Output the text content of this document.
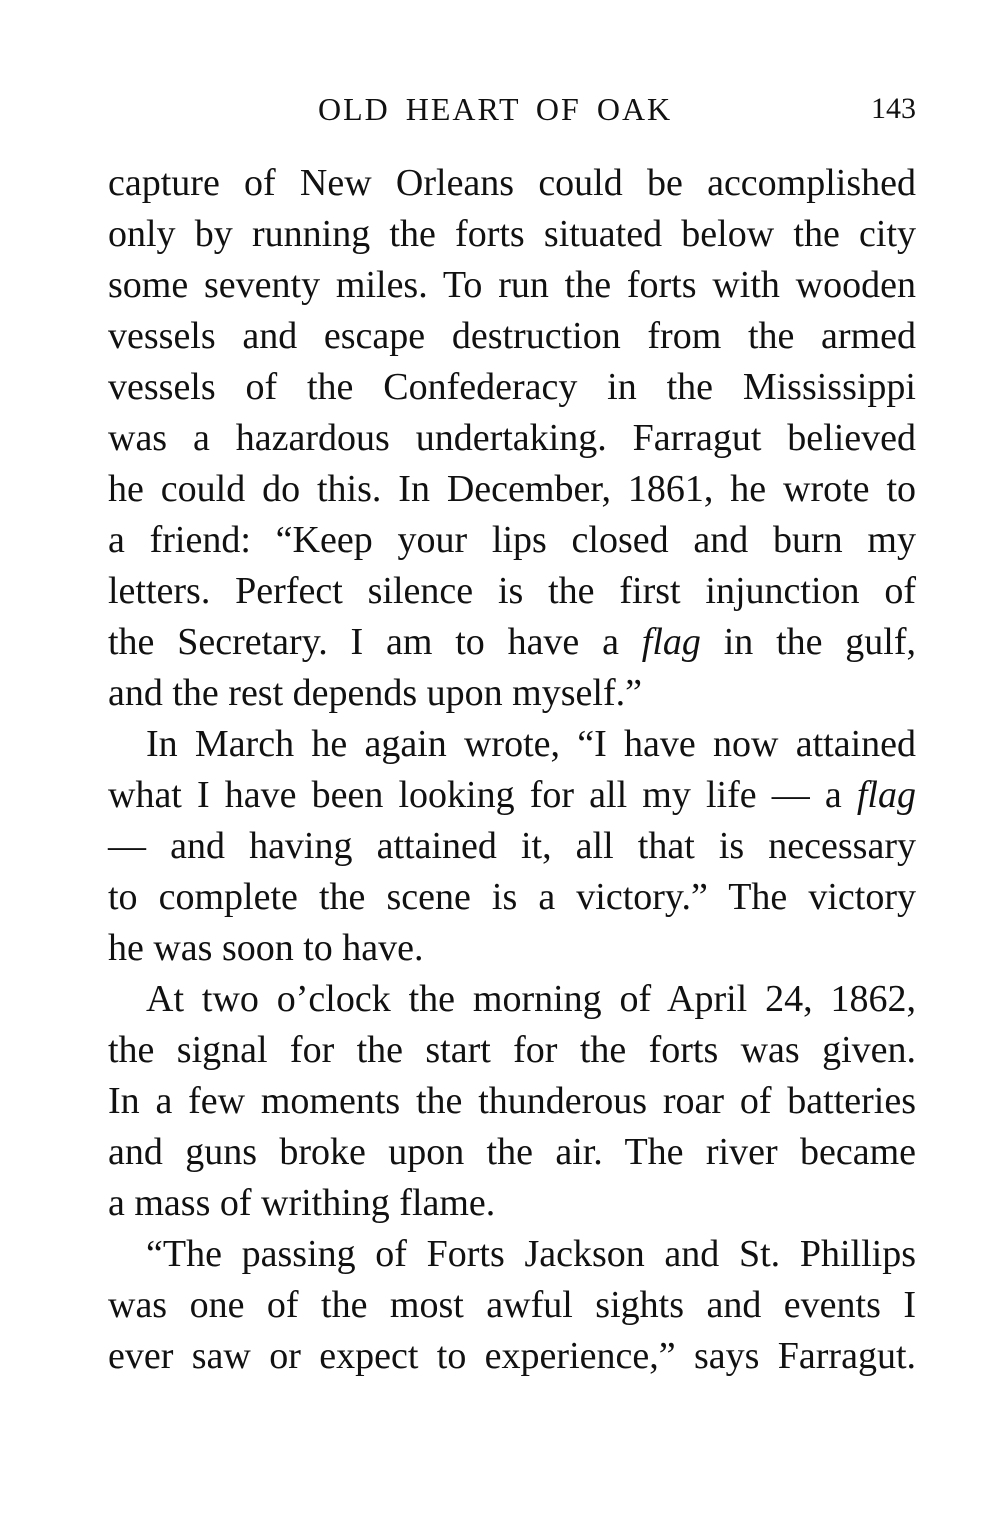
OLD HEART OF OAK	143
capture of New Orleans could be accomplished
only by running the forts situated below the city
some seventy miles. To run the forts with wooden
vessels and escape destruction from the armed
vessels of the Confederacy in the Mississippi
was a hazardous undertaking. Farragut believed
he could do this. In December, 1861, he wrote to
a friend: “Keep your lips closed and burn my
letters. Perfect silence is the first injunction of
the Secretary. I am to have a flag in the gulf,
and the rest depends upon myself.”
In March he again wrote, “I have now attained
what I have been looking for all my life — a flag
— and having attained it, all that is necessary
to complete the scene is a victory.” The victory
he was soon to have.
At two o’clock the morning of April 24, 1862,
the signal for the start for the forts was given.
In a few moments the thunderous roar of batteries
and guns broke upon the air. The river became
a mass of writhing flame.
“The passing of Forts Jackson and St. Phillips
was one of the most awful sights and events I
ever saw or expect to experience,” says Farragut.
